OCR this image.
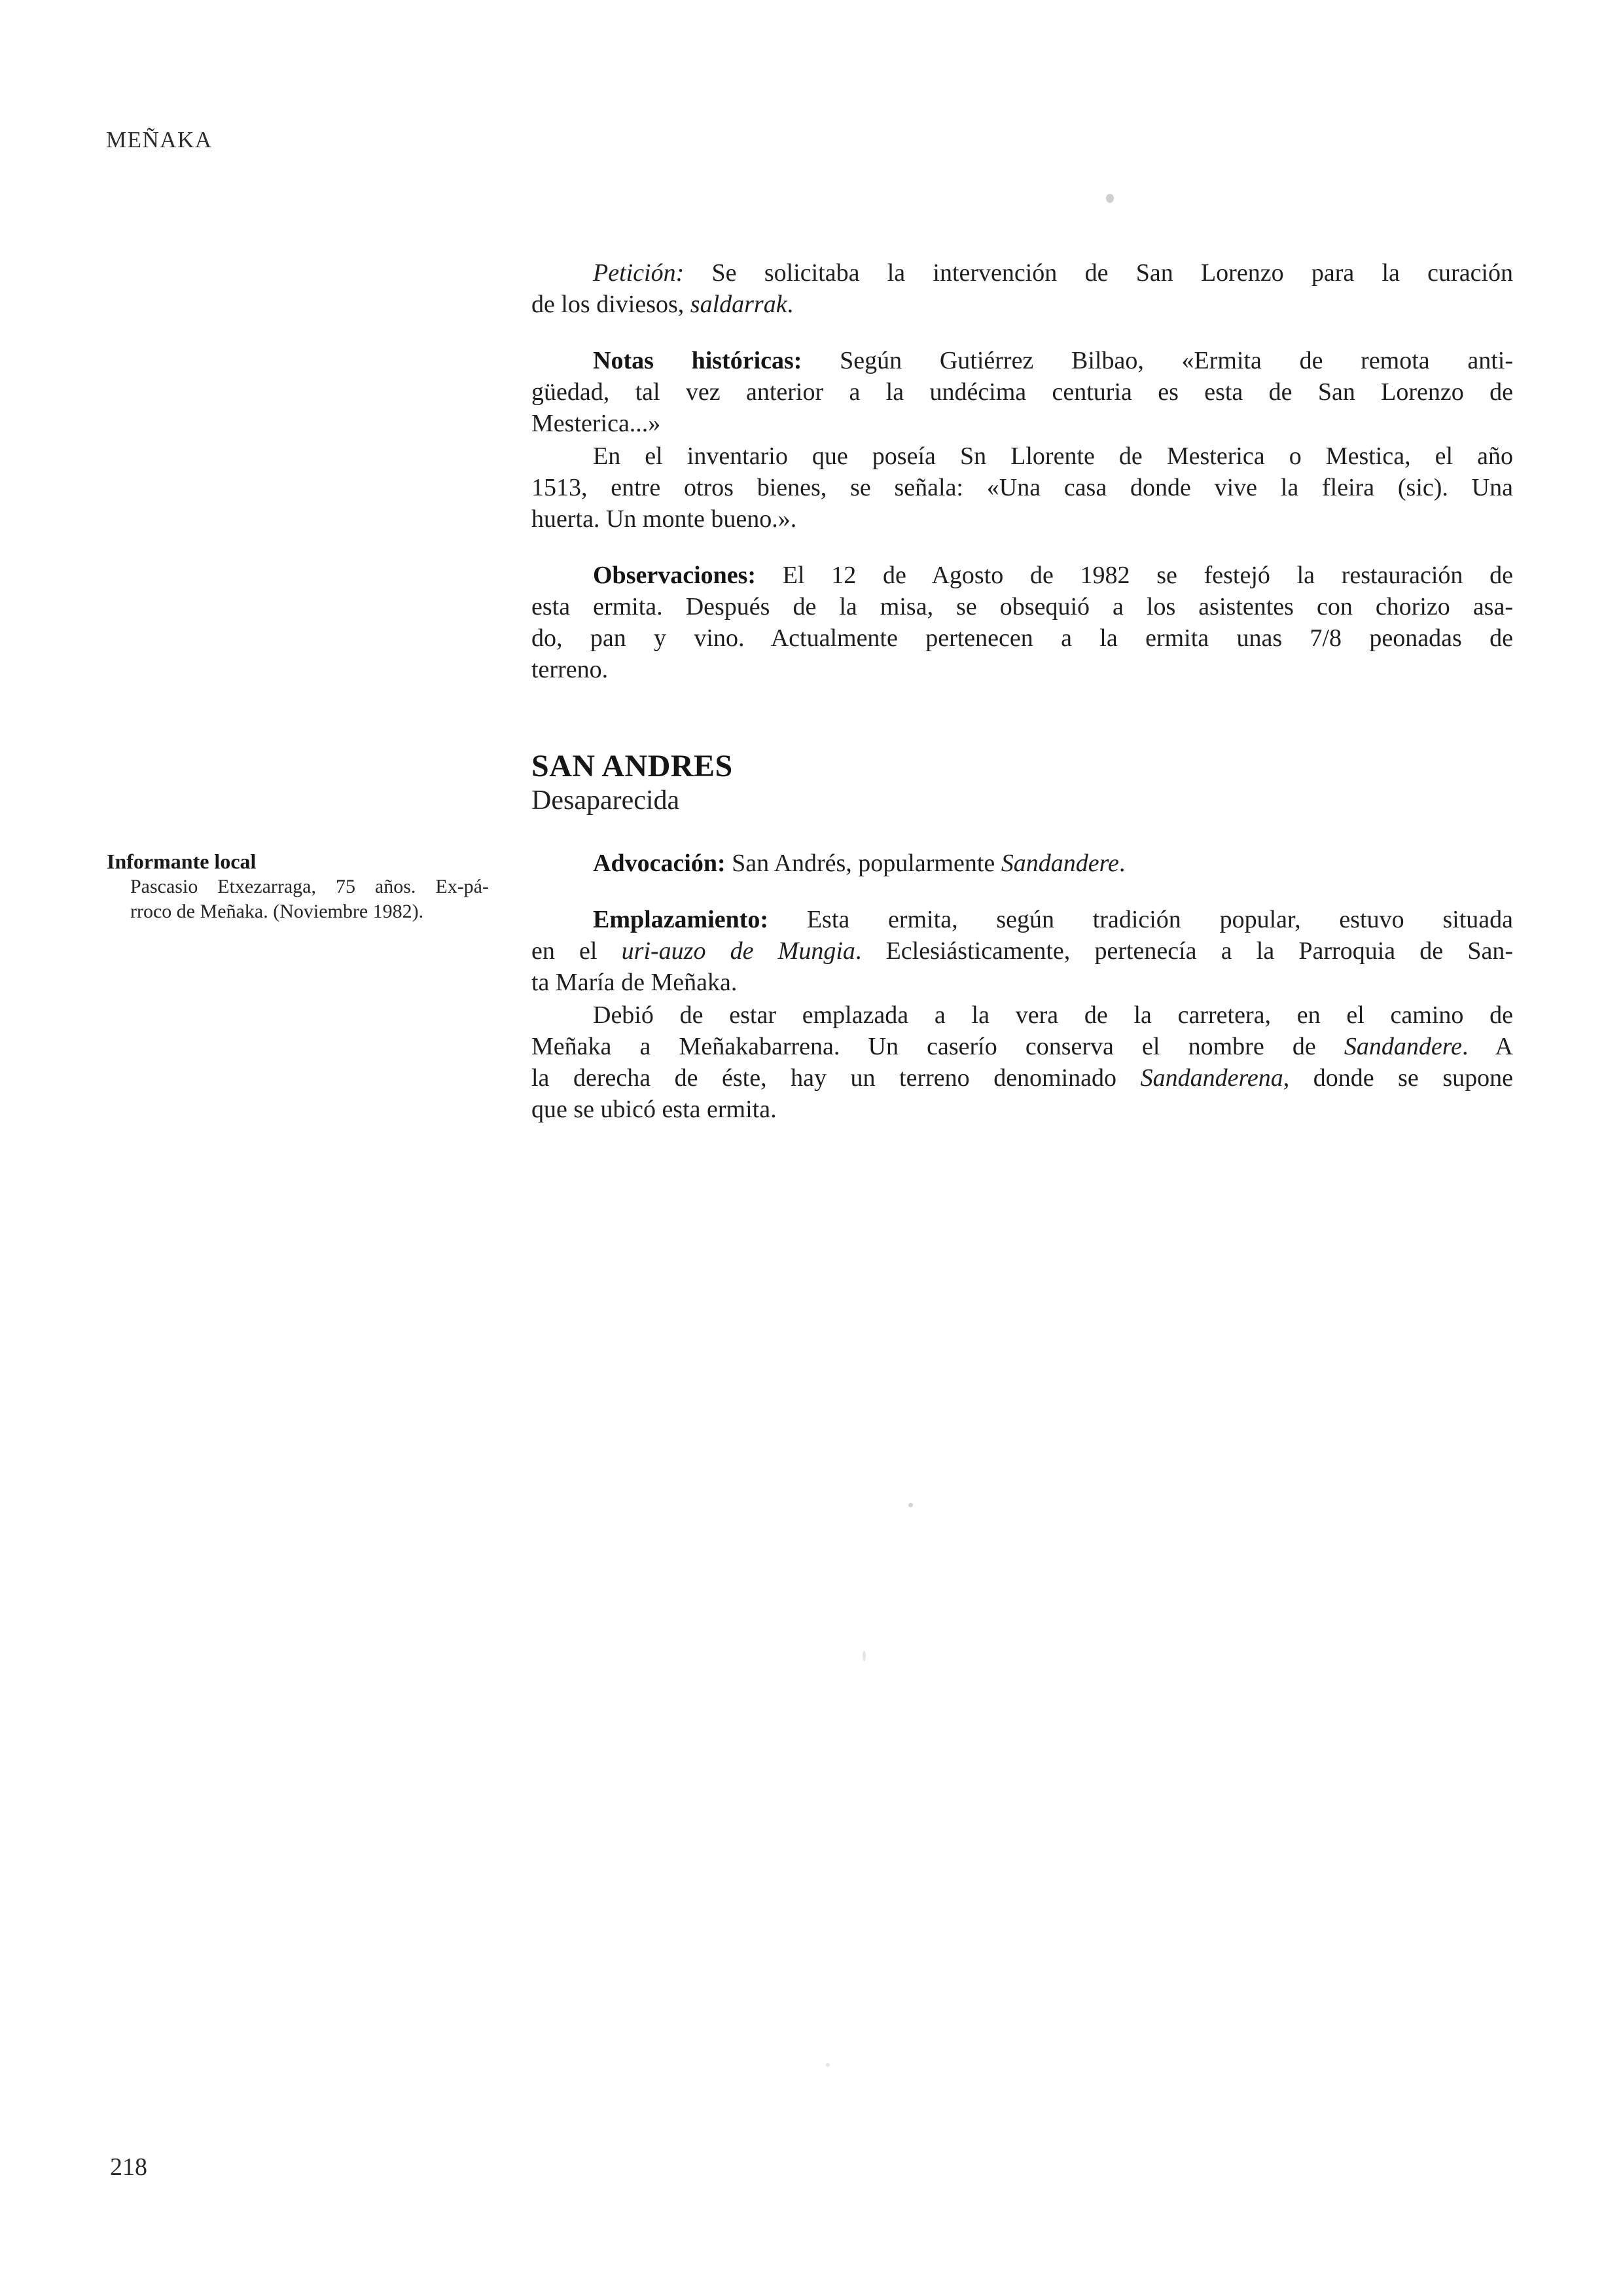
MEÑAKA
Informante local
Pascasio Etxezarraga, 75 años. Ex-pá-
rroco de Meñaka. (Noviembre 1982).
Petición: Se solicitaba la intervención de San Lorenzo para la curación
de los diviesos, saldarrak.
Notas históricas: Según Gutiérrez Bilbao, «Ermita de remota anti-
güedad, tal vez anterior a la undécima centuria es esta de San Lorenzo de
Mesterica...»
En el inventario que poseía Sn Llorente de Mesterica o Mestica, el año
1513, entre otros bienes, se señala: «Una casa donde vive la fleira (sic). Una
huerta. Un monte bueno.».
Observaciones: El 12 de Agosto de 1982 se festejó la restauración de
esta ermita. Después de la misa, se obsequió a los asistentes con chorizo asa-
do, pan y vino. Actualmente pertenecen a la ermita unas 7/8 peonadas de
terreno.
SAN ANDRES
Desaparecida
Advocación: San Andrés, popularmente Sandandere.
Emplazamiento: Esta ermita, según tradición popular, estuvo situada
en el uri-auzo de Mungia. Eclesiásticamente, pertenecía a la Parroquia de San-
ta María de Meñaka.
Debió de estar emplazada a la vera de la carretera, en el camino de
Meñaka a Meñakabarrena. Un caserío conserva el nombre de Sandandere. A
la derecha de éste, hay un terreno denominado Sandanderena, donde se supone
que se ubicó esta ermita.
218
